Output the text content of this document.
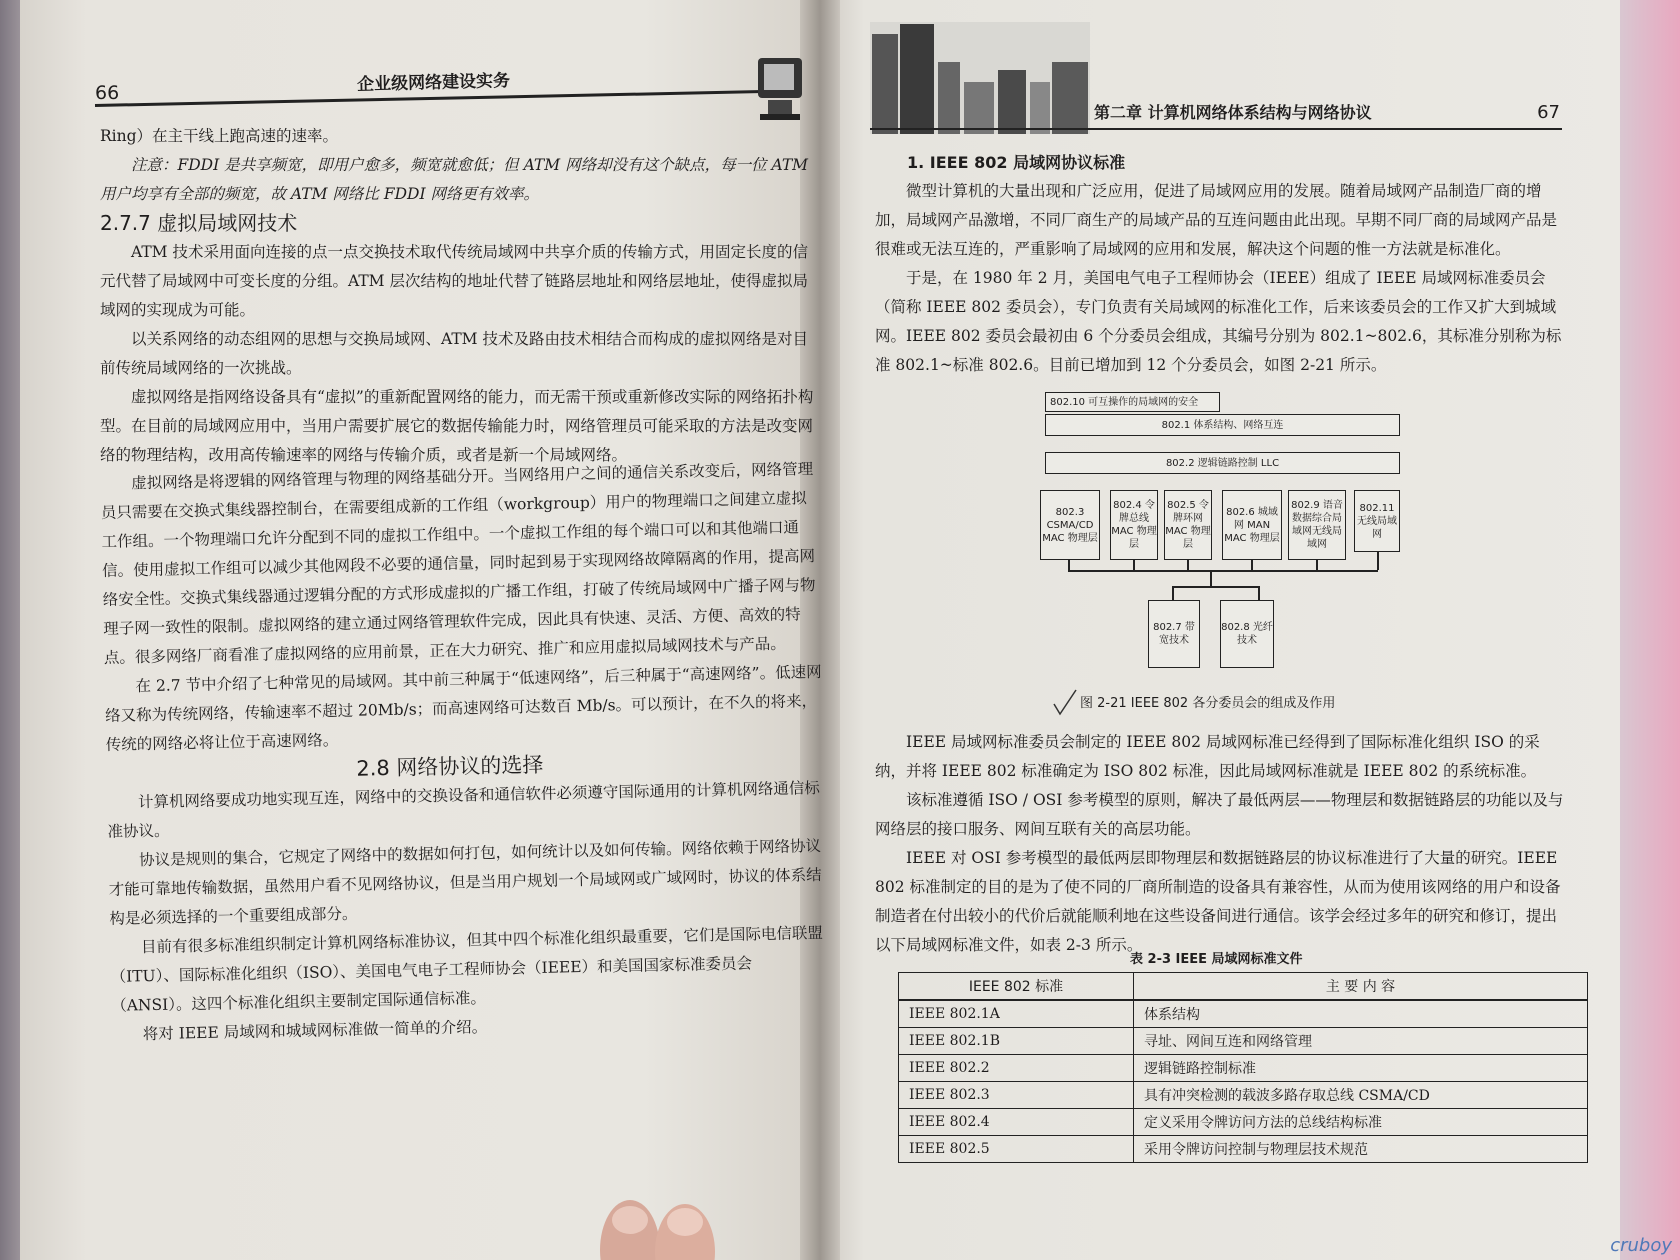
66	企业级网络建设实务

Ring）在主干线上跑高速的速率。

注意：FDDI 是共享频宽，即用户愈多，频宽就愈低；但 ATM 网络却没有这个缺点，每一位 ATM 用户均享有全部的频宽，故 ATM 网络比 FDDI 网络更有效率。

2.7.7 虚拟局域网技术

ATM 技术采用面向连接的点一点交换技术取代传统局域网中共享介质的传输方式，用固定长度的信元代替了局域网中可变长度的分组。ATM 层次结构的地址代替了链路层地址和网络层地址，使得虚拟局域网的实现成为可能。

以关系网络的动态组网的思想与交换局域网、ATM 技术及路由技术相结合而构成的虚拟网络是对目前传统局域网络的一次挑战。

虚拟网络是指网络设备具有“虚拟”的重新配置网络的能力，而无需干预或重新修改实际的网络拓扑构型。在目前的局域网应用中，当用户需要扩展它的数据传输能力时，网络管理员可能采取的方法是改变网络的物理结构，改用高传输速率的网络与传输介质，或者是新一个局域网络。

虚拟网络是将逻辑的网络管理与物理的网络基础分开。当网络用户之间的通信关系改变后，网络管理员只需要在交换式集线器控制台，在需要组成新的工作组（workgroup）用户的物理端口之间建立虚拟工作组。一个物理端口允许分配到不同的虚拟工作组中。一个虚拟工作组的每个端口可以和其他端口通信。使用虚拟工作组可以减少其他网段不必要的通信量，同时起到易于实现网络故障隔离的作用，提高网络安全性。交换式集线器通过逻辑分配的方式形成虚拟的广播工作组，打破了传统局域网中广播子网与物理子网一致性的限制。虚拟网络的建立通过网络管理软件完成，因此具有快速、灵活、方便、高效的特点。很多网络厂商看准了虚拟网络的应用前景，正在大力研究、推广和应用虚拟局域网技术与产品。

在 2.7 节中介绍了七种常见的局域网。其中前三种属于“低速网络”，后三种属于“高速网络”。低速网络又称为传统网络，传输速率不超过 20Mb/s；而高速网络可达数百 Mb/s。可以预计，在不久的将来，传统的网络必将让位于高速网络。

2.8 网络协议的选择

计算机网络要成功地实现互连，网络中的交换设备和通信软件必须遵守国际通用的计算机网络通信标准协议。

协议是规则的集合，它规定了网络中的数据如何打包，如何统计以及如何传输。网络依赖于网络协议才能可靠地传输数据，虽然用户看不见网络协议，但是当用户规划一个局域网或广域网时，协议的体系结构是必须选择的一个重要组成部分。

目前有很多标准组织制定计算机网络标准协议，但其中四个标准化组织最重要，它们是国际电信联盟（ITU）、国际标准化组织（ISO）、美国电气电子工程师协会（IEEE）和美国国家标准委员会（ANSI）。这四个标准化组织主要制定国际通信标准。

将对 IEEE 局域网和城域网标准做一简单的介绍。

第二章 计算机网络体系结构与网络协议	67

1. IEEE 802 局域网协议标准

微型计算机的大量出现和广泛应用，促进了局域网应用的发展。随着局域网产品制造厂商的增加，局域网产品激增，不同厂商生产的局域产品的互连问题由此出现。早期不同厂商的局域网产品是很难或无法互连的，严重影响了局域网的应用和发展，解决这个问题的惟一方法就是标准化。

于是，在 1980 年 2 月，美国电气电子工程师协会（IEEE）组成了 IEEE 局域网标准委员会（简称 IEEE 802 委员会），专门负责有关局域网的标准化工作，后来该委员会的工作又扩大到城域网。IEEE 802 委员会最初由 6 个分委员会组成，其编号分别为 802.1~802.6，其标准分别称为标准 802.1~标准 802.6。目前已增加到 12 个分委员会，如图 2-21 所示。

802.10 可互操作的局域网的安全
802.1 体系结构、网络互连
802.2 逻辑链路控制 LLC
802.3 CSMA/CD MAC 物理层
802.4 令牌总线 MAC 物理层
802.5 令牌环网 MAC 物理层
802.6 城域网 MAN MAC 物理层
802.9 语音数据综合局域网无线局域网
802.11 无线局域网
802.7 带宽技术
802.8 光纤技术
图 2-21 IEEE 802 各分委员会的组成及作用

IEEE 局域网标准委员会制定的 IEEE 802 局域网标准已经得到了国际标准化组织 ISO 的采纳，并将 IEEE 802 标准确定为 ISO 802 标准，因此局域网标准就是 IEEE 802 的系统标准。

该标准遵循 ISO / OSI 参考模型的原则，解决了最低两层——物理层和数据链路层的功能以及与网络层的接口服务、网间互联有关的高层功能。

IEEE 对 OSI 参考模型的最低两层即物理层和数据链路层的协议标准进行了大量的研究。IEEE 802 标准制定的目的是为了使不同的厂商所制造的设备具有兼容性，从而为使用该网络的用户和设备制造者在付出较小的代价后就能顺利地在这些设备间进行通信。该学会经过多年的研究和修订，提出以下局域网标准文件，如表 2-3 所示。

表 2-3 IEEE 局域网标准文件
IEEE 802 标准	主 要 内 容
IEEE 802.1A	体系结构
IEEE 802.1B	寻址、网间互连和网络管理
IEEE 802.2	逻辑链路控制标准
IEEE 802.3	具有冲突检测的载波多路存取总线 CSMA/CD
IEEE 802.4	定义采用令牌访问方法的总线结构标准
IEEE 802.5	采用令牌访问控制与物理层技术规范
cruboy
